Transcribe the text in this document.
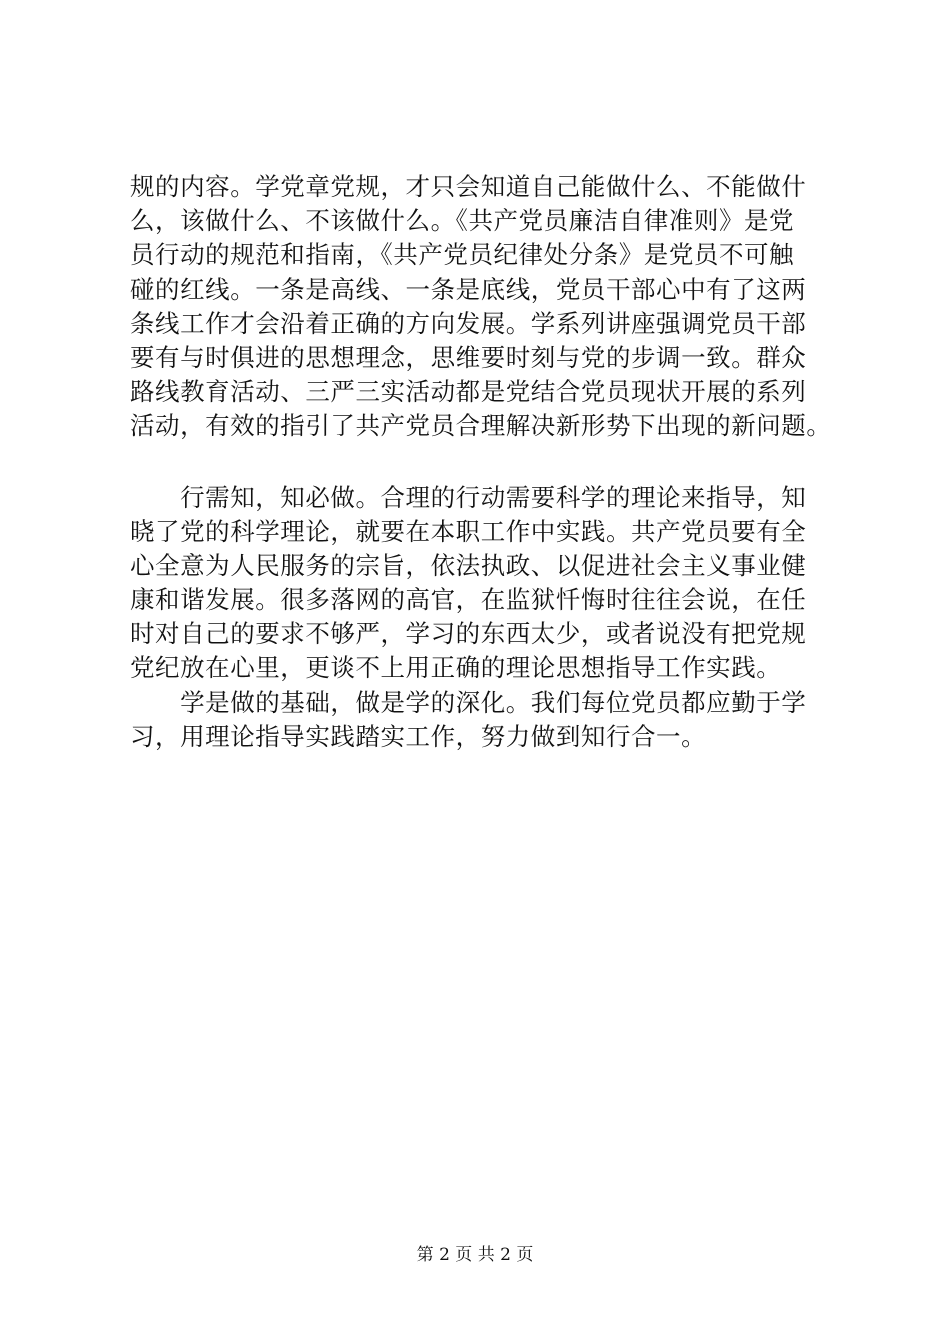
规的内容。学党章党规，才只会知道自己能做什么、不能做什
么，该做什么、不该做什么。《共产党员廉洁自律准则》是党
员行动的规范和指南，《共产党员纪律处分条》是党员不可触
碰的红线。一条是高线、一条是底线，党员干部心中有了这两
条线工作才会沿着正确的方向发展。学系列讲座强调党员干部
要有与时俱进的思想理念，思维要时刻与党的步调一致。群众
路线教育活动、三严三实活动都是党结合党员现状开展的系列
活动，有效的指引了共产党员合理解决新形势下出现的新问题。
　　行需知，知必做。合理的行动需要科学的理论来指导，知
晓了党的科学理论，就要在本职工作中实践。共产党员要有全
心全意为人民服务的宗旨，依法执政、以促进社会主义事业健
康和谐发展。很多落网的高官，在监狱忏悔时往往会说，在任
时对自己的要求不够严，学习的东西太少，或者说没有把党规
党纪放在心里，更谈不上用正确的理论思想指导工作实践。
　　学是做的基础，做是学的深化。我们每位党员都应勤于学
习，用理论指导实践踏实工作，努力做到知行合一。
第 2 页 共 2 页
